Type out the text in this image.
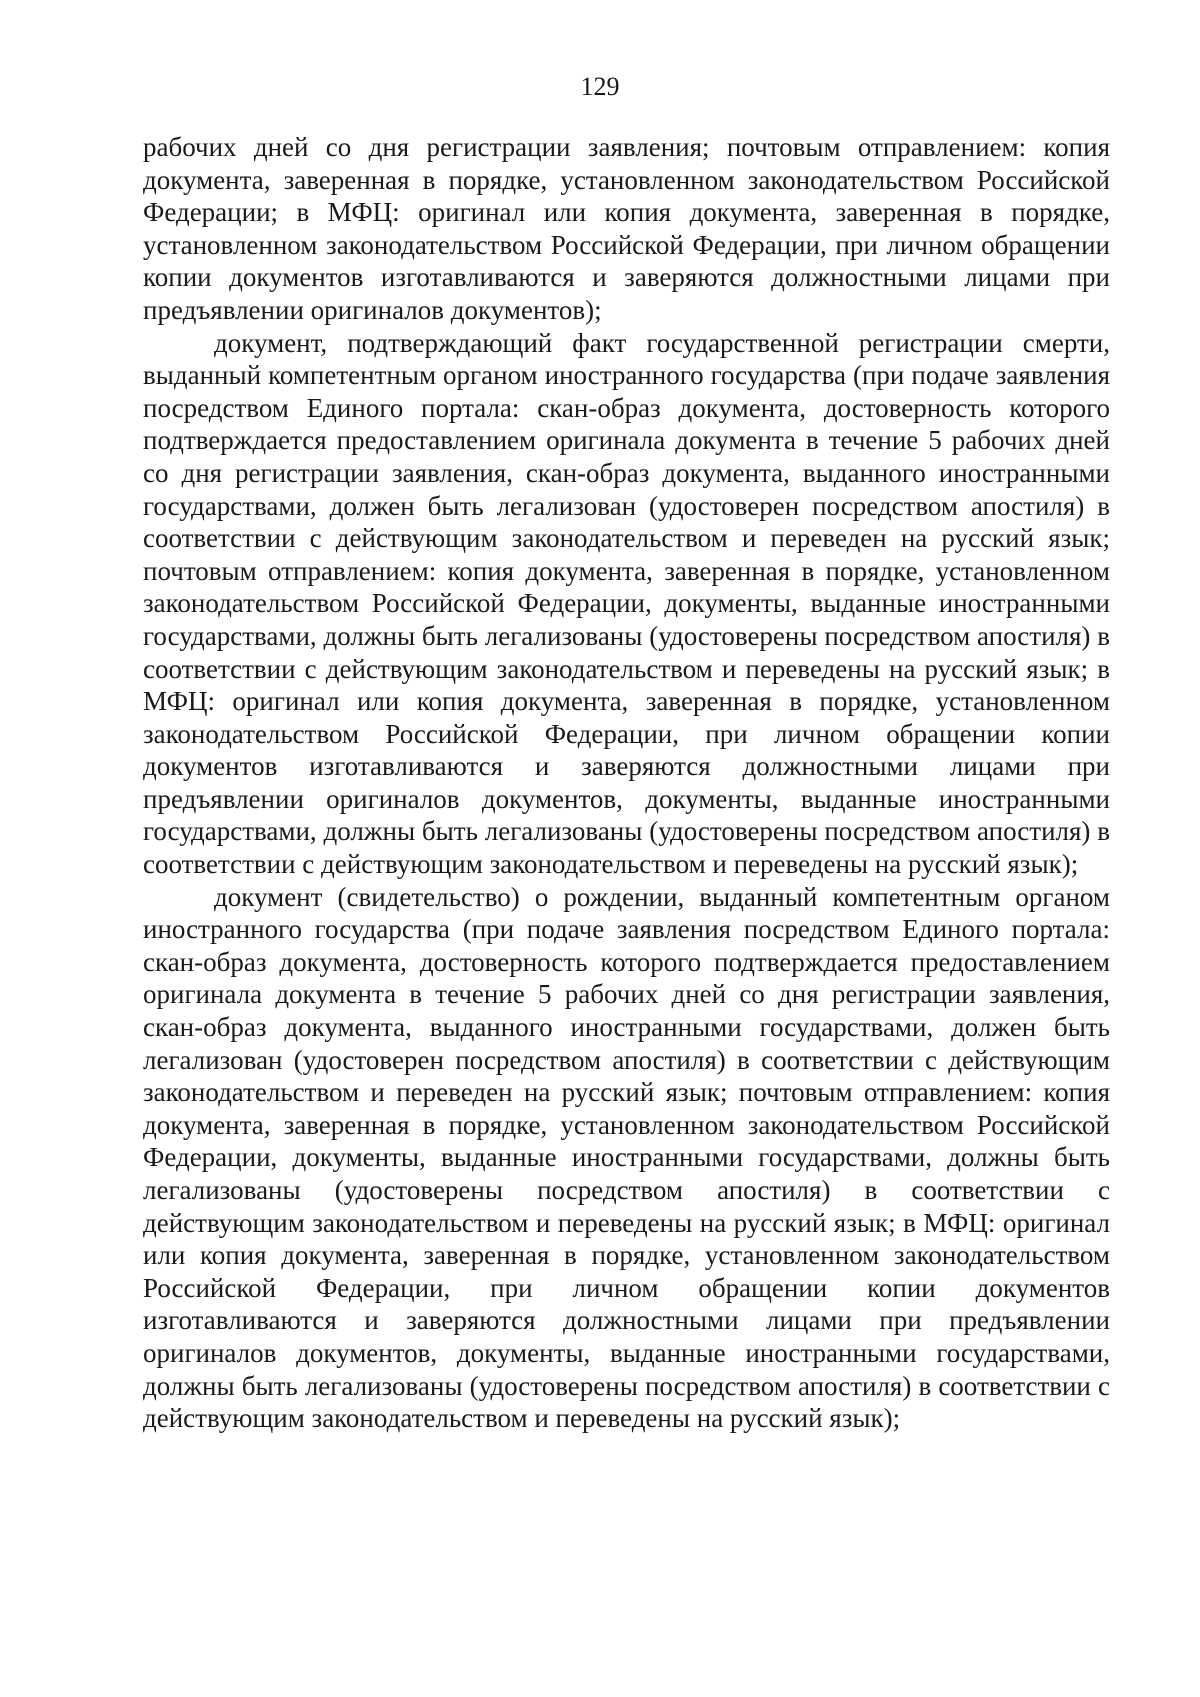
129

рабочих дней со дня регистрации заявления; почтовым отправлением: копия документа, заверенная в порядке, установленном законодательством Российской Федерации; в МФЦ: оригинал или копия документа, заверенная в порядке, установленном законодательством Российской Федерации, при личном обращении копии документов изготавливаются и заверяются должностными лицами при предъявлении оригиналов документов);

документ, подтверждающий факт государственной регистрации смерти, выданный компетентным органом иностранного государства (при подаче заявления посредством Единого портала: скан-образ документа, достоверность которого подтверждается предоставлением оригинала документа в течение 5 рабочих дней со дня регистрации заявления, скан-образ документа, выданного иностранными государствами, должен быть легализован (удостоверен посредством апостиля) в соответствии с действующим законодательством и переведен на русский язык; почтовым отправлением: копия документа, заверенная в порядке, установленном законодательством Российской Федерации, документы, выданные иностранными государствами, должны быть легализованы (удостоверены посредством апостиля) в соответствии с действующим законодательством и переведены на русский язык; в МФЦ: оригинал или копия документа, заверенная в порядке, установленном законодательством Российской Федерации, при личном обращении копии документов изготавливаются и заверяются должностными лицами при предъявлении оригиналов документов, документы, выданные иностранными государствами, должны быть легализованы (удостоверены посредством апостиля) в соответствии с действующим законодательством и переведены на русский язык);

документ (свидетельство) о рождении, выданный компетентным органом иностранного государства (при подаче заявления посредством Единого портала: скан-образ документа, достоверность которого подтверждается предоставлением оригинала документа в течение 5 рабочих дней со дня регистрации заявления, скан-образ документа, выданного иностранными государствами, должен быть легализован (удостоверен посредством апостиля) в соответствии с действующим законодательством и переведен на русский язык; почтовым отправлением: копия документа, заверенная в порядке, установленном законодательством Российской Федерации, документы, выданные иностранными государствами, должны быть легализованы (удостоверены посредством апостиля) в соответствии с действующим законодательством и переведены на русский язык; в МФЦ: оригинал или копия документа, заверенная в порядке, установленном законодательством Российской Федерации, при личном обращении копии документов изготавливаются и заверяются должностными лицами при предъявлении оригиналов документов, документы, выданные иностранными государствами, должны быть легализованы (удостоверены посредством апостиля) в соответствии с действующим законодательством и переведены на русский язык);
